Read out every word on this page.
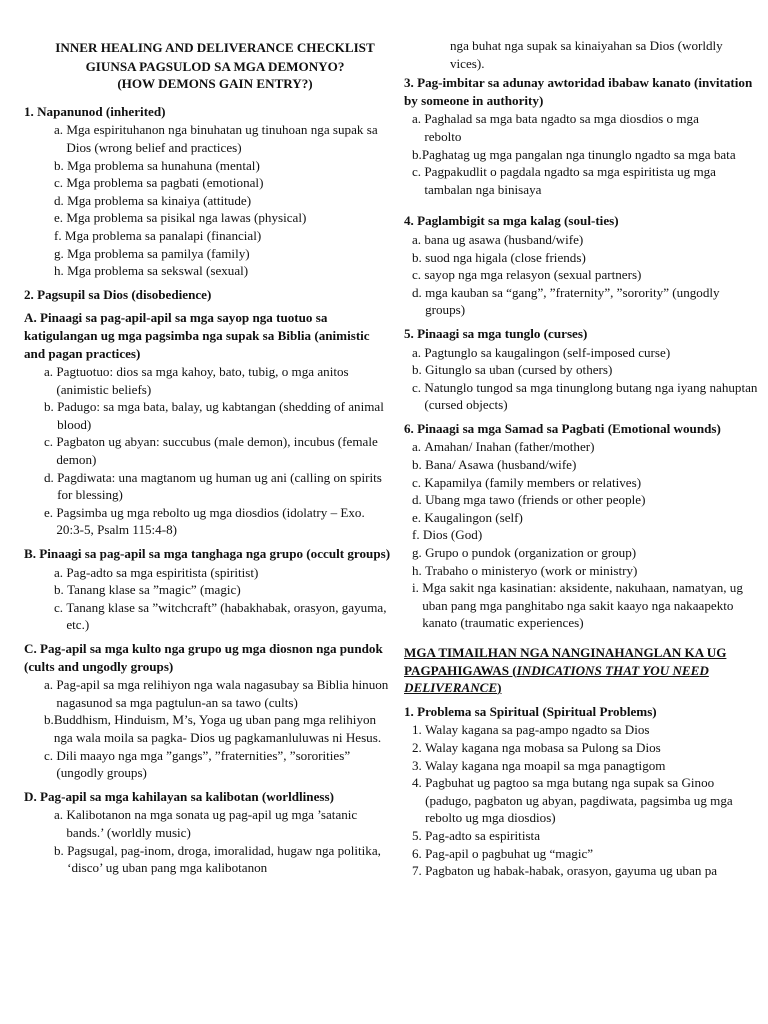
INNER HEALING AND DELIVERANCE CHECKLIST
GIUNSA PAGSULOD SA MGA DEMONYO?
(HOW DEMONS GAIN ENTRY?)
1. Napanunod (inherited)
a. Mga espirituhanon nga binuhatan ug tinuhoan nga supak sa Dios (wrong belief and practices)
b. Mga problema sa hunahuna (mental)
c. Mga problema sa pagbati (emotional)
d. Mga problema sa kinaiya (attitude)
e. Mga problema sa pisikal nga lawas (physical)
f. Mga problema sa panalapi (financial)
g. Mga problema sa pamilya (family)
h. Mga problema sa sekswal (sexual)
2. Pagsupil sa Dios (disobedience)
A. Pinaagi sa pag-apil-apil sa mga sayop nga tuotuo sa katigulangan ug mga pagsimba nga supak sa Biblia (animistic and pagan practices)
a. Pagtuotuo: dios sa mga kahoy, bato, tubig, o mga anitos (animistic beliefs)
b. Padugo: sa mga bata, balay, ug kabtangan (shedding of animal blood)
c. Pagbaton ug abyan: succubus (male demon), incubus (female demon)
d. Pagdiwata: una magtanom ug human ug ani (calling on spirits for blessing)
e. Pagsimba ug mga rebolto ug mga diosdios (idolatry – Exo. 20:3-5, Psalm 115:4-8)
B. Pinaagi sa pag-apil sa mga tanghaga nga grupo (occult groups)
a. Pag-adto sa mga espiritista (spiritist)
b. Tanang klase sa ”magic” (magic)
c. Tanang klase sa ”witchcraft” (habakhabak, orasyon, gayuma, etc.)
C. Pag-apil sa mga kulto nga grupo ug mga diosnon nga pundok (cults and ungodly groups)
a. Pag-apil sa mga relihiyon nga wala nagasubay sa Biblia hinuon nagasunod sa mga pagtulun-an sa tawo (cults)
b. Buddhism, Hinduism, M’s, Yoga ug uban pang mga relihiyon nga wala moila sa pagka- Dios ug pagkamanluluwas ni Hesus.
c. Dili maayo nga mga ”gangs”, ”fraternities”, ”sororities” (ungodly groups)
D. Pag-apil sa mga kahilayan sa kalibotan (worldliness)
a. Kalibotanon na mga sonata ug pag-apil ug mga ’satanic bands.’ (worldly music)
b. Pagsugal, pag-inom, droga, imoralidad, hugaw nga politika, ‘disco’ ug uban pang mga kalibotanon
nga buhat nga supak sa kinaiyahan sa Dios (worldly vices).
3. Pag-imbitar sa adunay awtoridad ibabaw kanato (invitation by someone in authority)
a. Paghalad sa mga bata ngadto sa mga diosdios o mga rebolto
b. Paghatag ug mga pangalan nga tinunglo ngadto sa mga bata
c. Pagpakudlit o pagdala ngadto sa mga espiritista ug mga tambalan nga binisaya
4. Paglambigit sa mga kalag (soul-ties)
a. bana ug asawa (husband/wife)
b. suod nga higala (close friends)
c. sayop nga mga relasyon (sexual partners)
d. mga kauban sa “gang”, ”fraternity”, ”sorority” (ungodly groups)
5. Pinaagi sa mga tunglo (curses)
a. Pagtunglo sa kaugalingon (self-imposed curse)
b. Gitunglo sa uban (cursed by others)
c. Natunglo tungod sa mga tinunglong butang nga iyang nahuptan (cursed objects)
6. Pinaagi sa mga Samad sa Pagbati (Emotional wounds)
a. Amahan/ Inahan (father/mother)
b. Bana/ Asawa (husband/wife)
c. Kapamilya (family members or relatives)
d. Ubang mga tawo (friends or other people)
e. Kaugalingon (self)
f. Dios (God)
g. Grupo o pundok (organization or group)
h. Trabaho o ministeryo (work or ministry)
i. Mga sakit nga kasinatian: aksidente, nakuhaan, namatyan, ug uban pang mga panghitabo nga sakit kaayo nga nakaapekto kanato (traumatic experiences)
MGA TIMAILHAN NGA NANGINAHANGLAN KA UG PAGPAHIGAWAS (INDICATIONS THAT YOU NEED DELIVERANCE)
1. Problema sa Spiritual (Spiritual Problems)
1. Walay kagana sa pag-ampo ngadto sa Dios
2. Walay kagana nga mobasa sa Pulong sa Dios
3. Walay kagana nga moapil sa mga panagtigom
4. Pagbuhat ug pagtoo sa mga butang nga supak sa Ginoo (padugo, pagbaton ug abyan, pagdiwata, pagsimba ug mga rebolto ug mga diosdios)
5. Pag-adto sa espiritista
6. Pag-apil o pagbuhat ug “magic”
7. Pagbaton ug habak-habak, orasyon, gayuma ug uban pa
